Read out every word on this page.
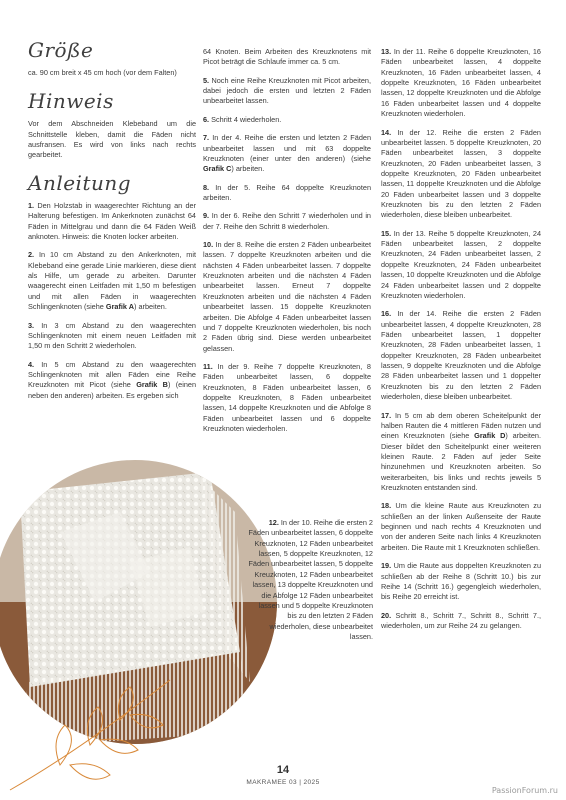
Größe

ca. 90 cm breit x 45 cm hoch (vor dem Falten)

Hinweis

Vor dem Abschneiden Klebeband um die Schnittstelle kleben, damit die Fäden nicht ausfransen. Es wird von links nach rechts gearbeitet.

Anleitung

1. Den Holzstab in waagerechter Richtung an der Halterung befestigen. Im Ankerknoten zunächst 64 Fäden in Mittelgrau und dann die 64 Fäden Weiß anknoten. Hinweis: die Knoten locker arbeiten.

2. In 10 cm Abstand zu den Ankerknoten, mit Klebeband eine gerade Linie markieren, diese dient als Hilfe, um gerade zu arbeiten. Darunter waagerecht einen Leitfaden mit 1,50 m befestigen und mit allen Fäden in waagerechten Schlingenknoten (siehe Grafik A) arbeiten.

3. In 3 cm Abstand zu den waagerechten Schlingenknoten mit einem neuen Leitfaden mit 1,50 m den Schritt 2 wiederholen.

4. In 5 cm Abstand zu den waagerechten Schlingenknoten mit allen Fäden eine Reihe Kreuzknoten mit Picot (siehe Grafik B) (einen neben den anderen) arbeiten. Es ergeben sich

64 Knoten. Beim Arbeiten des Kreuzknotens mit Picot beträgt die Schlaufe immer ca. 5 cm.

5. Noch eine Reihe Kreuzknoten mit Picot arbeiten, dabei jedoch die ersten und letzten 2 Fäden unbearbeitet lassen.

6. Schritt 4 wiederholen.

7. In der 4. Reihe die ersten und letzten 2 Fäden unbearbeitet lassen und mit 63 doppelte Kreuzknoten (einer unter den anderen) (siehe Grafik C) arbeiten.

8. In der 5. Reihe 64 doppelte Kreuzknoten arbeiten.

9. In der 6. Reihe den Schritt 7 wiederholen und in der 7. Reihe den Schritt 8 wiederholen.

10. In der 8. Reihe die ersten 2 Fäden unbearbeitet lassen. 7 doppelte Kreuzknoten arbeiten und die nächsten 4 Fäden unbearbeitet lassen. 7 doppelte Kreuzknoten arbeiten und die nächsten 4 Fäden unbearbeitet lassen. Erneut 7 doppelte Kreuzknoten arbeiten und die nächsten 4 Fäden unbearbeitet lassen. 15 doppelte Kreuzknoten arbeiten. Die Abfolge 4 Fäden unbearbeitet lassen und 7 doppelte Kreuzknoten wiederholen, bis noch 2 Fäden übrig sind. Diese werden unbearbeitet gelassen.

11. In der 9. Reihe 7 doppelte Kreuzknoten, 8 Fäden unbearbeitet lassen, 6 doppelte Kreuzknoten, 8 Fäden unbearbeitet lassen, 6 doppelte Kreuzknoten, 8 Fäden unbearbeitet lassen, 14 doppelte Kreuzknoten und die Abfolge 8 Fäden unbearbeitet lassen und 6 doppelte Kreuzknoten wiederholen.

12. In der 10. Reihe die ersten 2 Fäden unbearbeitet lassen, 6 doppelte Kreuzknoten, 12 Fäden unbearbeitet lassen, 5 doppelte Kreuzknoten, 12 Fäden unbearbeitet lassen, 5 doppelte Kreuzknoten, 12 Fäden unbearbeitet lassen, 13 doppelte Kreuzknoten und die Abfolge 12 Fäden unbearbeitet lassen und 5 doppelte Kreuzknoten bis zu den letzten 2 Fäden wiederholen, diese unbearbeitet lassen.

13. In der 11. Reihe 6 doppelte Kreuzknoten, 16 Fäden unbearbeitet lassen, 4 doppelte Kreuzknoten, 16 Fäden unbearbeitet lassen, 4 doppelte Kreuzknoten, 16 Fäden unbearbeitet lassen, 12 doppelte Kreuzknoten und die Abfolge 16 Fäden unbearbeitet lassen und 4 doppelte Kreuzknoten wiederholen.

14. In der 12. Reihe die ersten 2 Fäden unbearbeitet lassen. 5 doppelte Kreuzknoten, 20 Fäden unbearbeitet lassen, 3 doppelte Kreuzknoten, 20 Fäden unbearbeitet lassen, 3 doppelte Kreuzknoten, 20 Fäden unbearbeitet lassen, 11 doppelte Kreuzknoten und die Abfolge 20 Fäden unbearbeitet lassen und 3 doppelte Kreuzknoten bis zu den letzten 2 Fäden wiederholen, diese bleiben unbearbeitet.

15. In der 13. Reihe 5 doppelte Kreuzknoten, 24 Fäden unbearbeitet lassen, 2 doppelte Kreuzknoten, 24 Fäden unbearbeitet lassen, 2 doppelte Kreuzknoten, 24 Fäden unbearbeitet lassen, 10 doppelte Kreuzknoten und die Abfolge 24 Fäden unbearbeitet lassen und 2 doppelte Kreuzknoten wiederholen.

16. In der 14. Reihe die ersten 2 Fäden unbearbeitet lassen, 4 doppelte Kreuzknoten, 28 Fäden unbearbeitet lassen, 1 doppelter Kreuzknoten, 28 Fäden unbearbeitet lassen, 1 doppelter Kreuzknoten, 28 Fäden unbearbeitet lassen, 9 doppelte Kreuzknoten und die Abfolge 28 Fäden unbearbeitet lassen und 1 doppelter Kreuzknoten bis zu den letzten 2 Fäden wiederholen, diese bleiben unbearbeitet.

17. In 5 cm ab dem oberen Scheitelpunkt der halben Rauten die 4 mittleren Fäden nutzen und einen Kreuzknoten (siehe Grafik D) arbeiten. Dieser bildet den Scheitelpunkt einer weiteren kleinen Raute. 2 Fäden auf jeder Seite hinzunehmen und Kreuzknoten arbeiten. So weiterarbeiten, bis links und rechts jeweils 5 Kreuzknoten entstanden sind.

18. Um die kleine Raute aus Kreuzknoten zu schließen an der linken Außenseite der Raute beginnen und nach rechts 4 Kreuzknoten und von der anderen Seite nach links 4 Kreuzknoten arbeiten. Die Raute mit 1 Kreuzknoten schließen.

19. Um die Raute aus doppelten Kreuzknoten zu schließen ab der Reihe 8 (Schritt 10.) bis zur Reihe 14 (Schritt 16.) gegengleich wiederholen, bis Reihe 20 erreicht ist.

20. Schritt 8., Schritt 7., Schritt 8., Schritt 7., wiederholen, um zur Reihe 24 zu gelangen.

14
MAKRAMEE 03 | 2025
PassionForum.ru
